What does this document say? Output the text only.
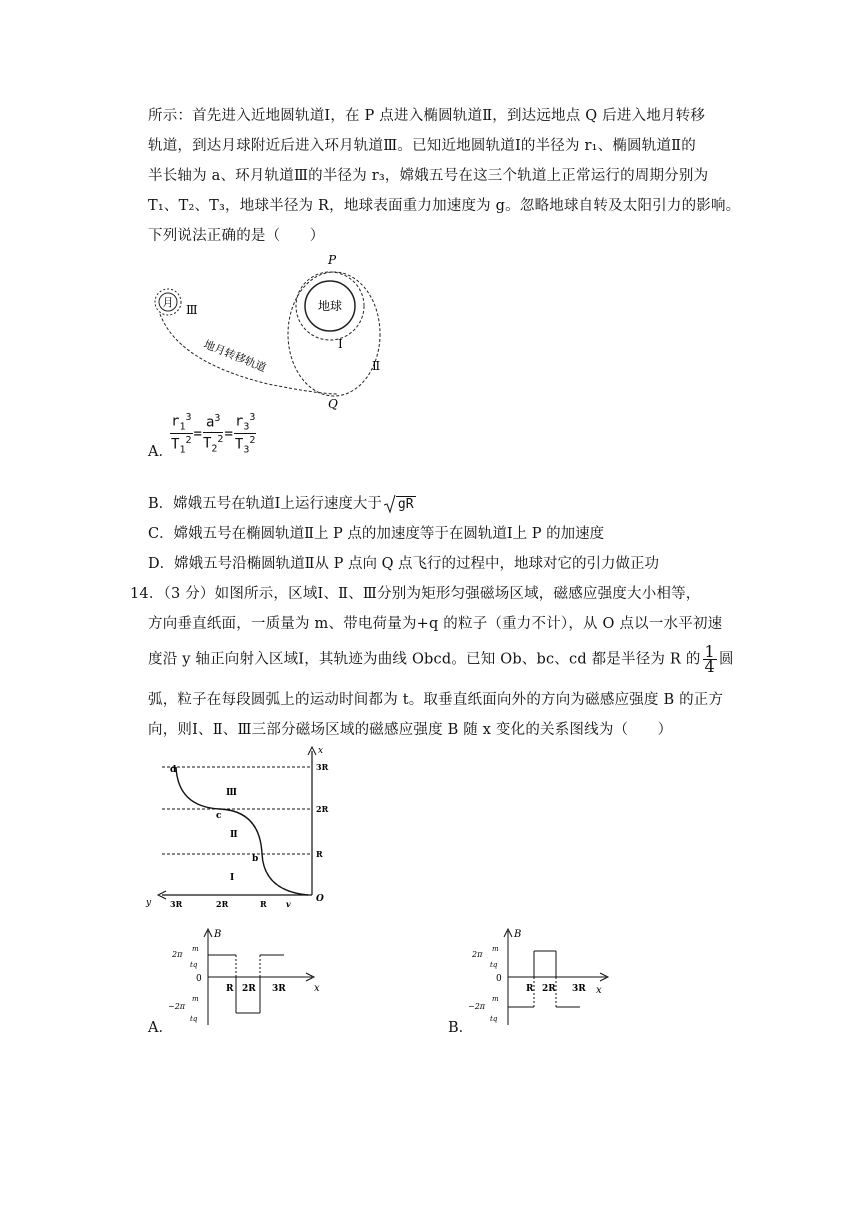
所示：首先进入近地圆轨道Ⅰ，在 P 点进入椭圆轨道Ⅱ，到达远地点 Q 后进入地月转移
轨道，到达月球附近后进入环月轨道Ⅲ。已知近地圆轨道Ⅰ的半径为 r₁、椭圆轨道Ⅱ的
半长轴为 a、环月轨道Ⅲ的半径为 r₃，嫦娥五号在这三个轨道上正常运行的周期分别为
T₁、T₂、T₃，地球半径为 R，地球表面重力加速度为 g。忽略地球自转及太阳引力的影响。
下列说法正确的是（　　）
月
Ⅲ	地球
Ⅰ
Ⅱ
地月转移轨道
P
Q
A．
$\frac{r_1^3}{T_1^2} = \frac{a^3}{T_2^2} = \frac{r_3^3}{T_3^2}$
B．嫦娥五号在轨道Ⅰ上运行速度大于 gR
C．嫦娥五号在椭圆轨道Ⅱ上 P 点的加速度等于在圆轨道Ⅰ上 P 的加速度
D．嫦娥五号沿椭圆轨道Ⅱ从 P 点向 Q 点飞行的过程中，地球对它的引力做正功
14．（3 分）如图所示，区域Ⅰ、Ⅱ、Ⅲ分别为矩形匀强磁场区域，磁感应强度大小相等，
方向垂直纸面，一质量为 m、带电荷量为+q 的粒子（重力不计），从 O 点以一水平初速
度沿 y 轴正向射入区域Ⅰ，其轨迹为曲线 Obcd。已知 Ob、bc、cd 都是半径为 R 的 $\frac{1}{4}$ 圆
弧，粒子在每段圆弧上的运动时间都为 t。取垂直纸面向外的方向为磁感应强度 B 的正方
向，则Ⅰ、Ⅱ、Ⅲ三部分磁场区域的磁感应强度 B 随 x 变化的关系图线为（　　）
x
y	O
R
2R
3R
3R	2R	R v
Ⅰ
Ⅱ
Ⅲ
b
c
d
A．
B
x
0
2π
m
tq
−2π
m
tq
R 2R 3R
B．
B
x
0
2π
m
tq
−2π
m
tq
R 2R 3R
